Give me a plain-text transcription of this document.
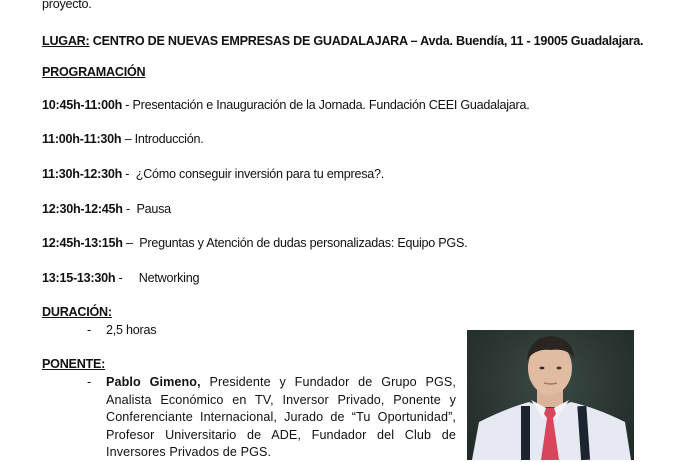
proyecto.
LUGAR: CENTRO DE NUEVAS EMPRESAS DE GUADALAJARA – Avda. Buendía, 11 - 19005 Guadalajara.
PROGRAMACIÓN
10:45h-11:00h - Presentación e Inauguración de la Jornada. Fundación CEEI Guadalajara.
11:00h-11:30h – Introducción.
11:30h-12:30h -  ¿Cómo conseguir inversión para tu empresa?.
12:30h-12:45h -  Pausa
12:45h-13:15h –  Preguntas y Atención de dudas personalizadas: Equipo PGS.
13:15-13:30h -     Networking
DURACIÓN:
- 2,5 horas
PONENTE:
- Pablo Gimeno, Presidente y Fundador de Grupo PGS, Analista Económico en TV, Inversor Privado, Ponente y Conferenciante Internacional, Jurado de “Tu Oportunidad”, Profesor Universitario de ADE, Fundador del Club de Inversores Privados de PGS.
